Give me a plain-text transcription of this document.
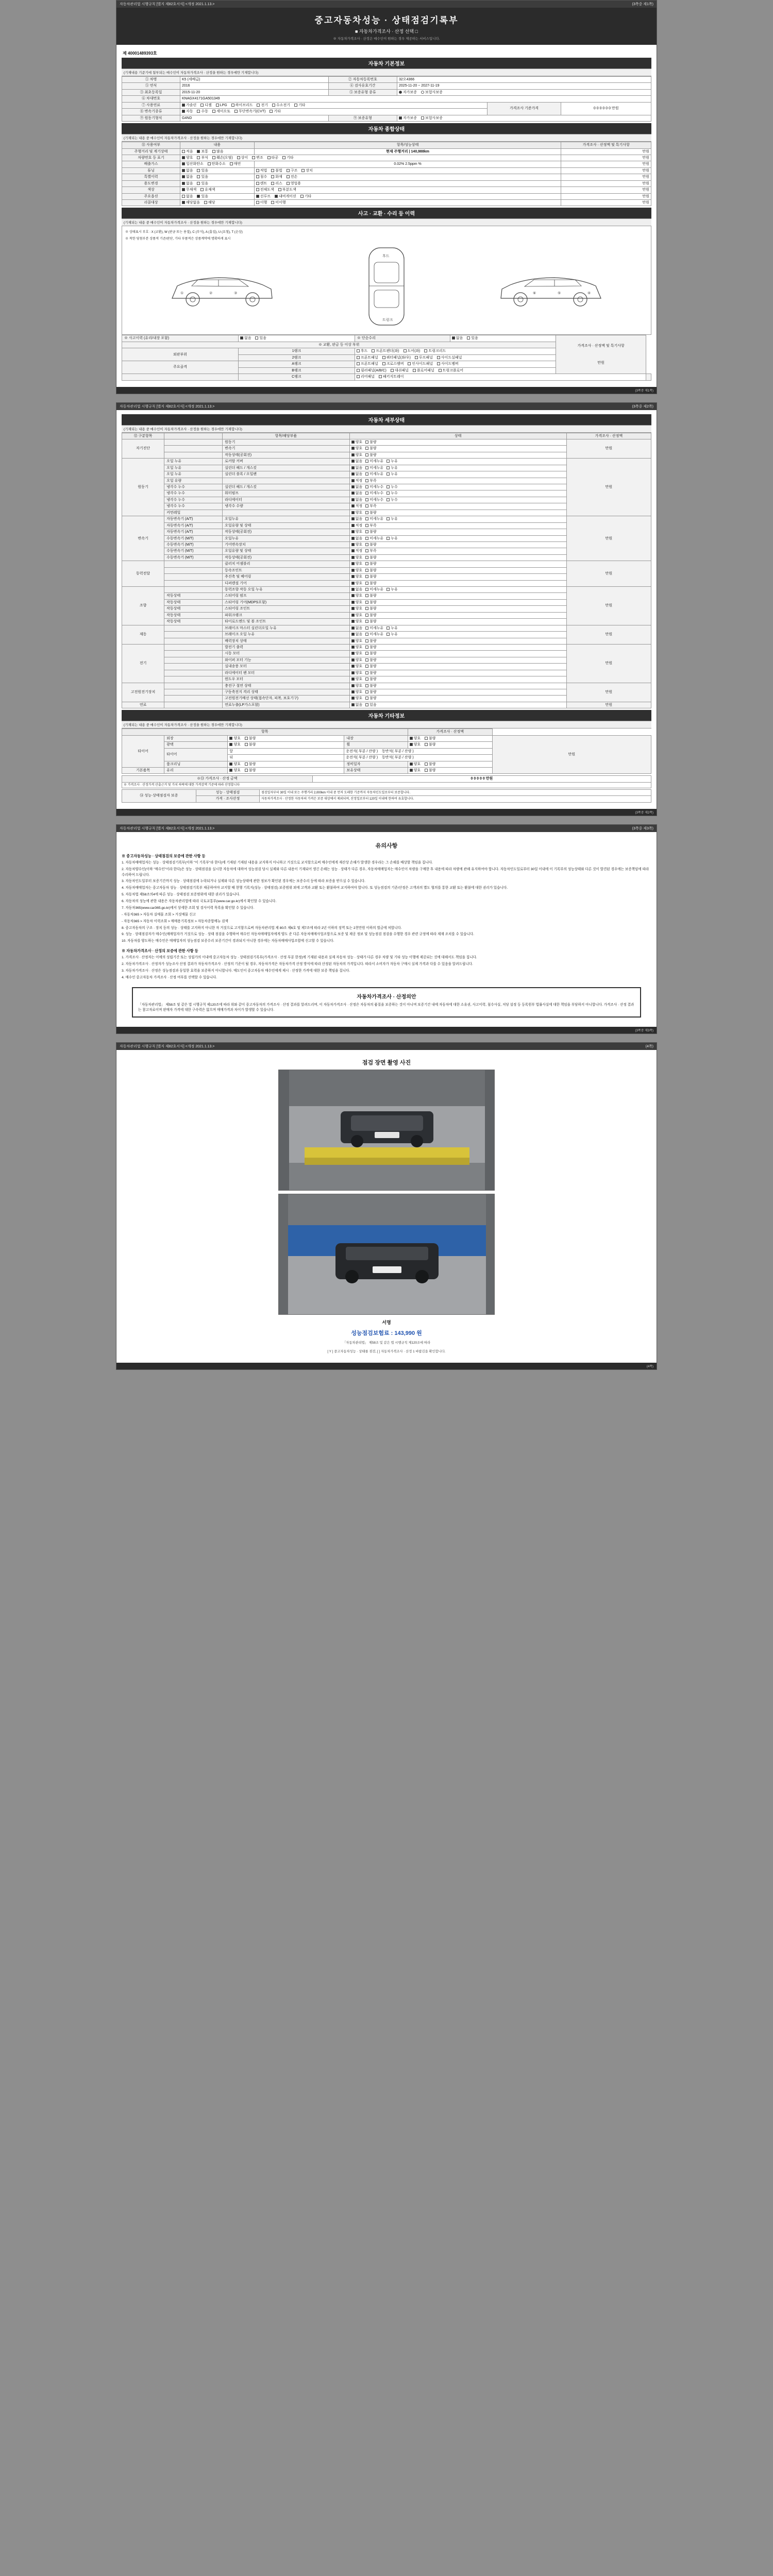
자동차관리법 시행규칙 [별지 제82호서식] <개정 2021.1.13.>	(3쪽중 제1쪽)
중고자동차성능 · 상태점검기록부
■ 자동차가격조사 · 산정 선택 □
※ 자동차가격조사 · 산정은 매수인이 원하는 경우 제공하는 서비스입니다.
제 40001489393호
자동차 기본정보
(기재내용 기준기에 첨부되는 매수인이 자동차가격조사 · 산정을 원하는 경우에만 기재합니다)
① 차명	K5 (세배급)	② 자동차등록번호	32오4366		
⑤ 연식	2016	④ 검사유효기간	2025-11-20 ~ 2027-11-19		
③ 최초등록일	2015-11-20	⑤ 보증유형 종류	자가보증 보험사보증		
⑥ 차대번호	KNAGX4171GA501349				
⑦ 사용연료	가솔린 디젤 LPG 하이브리드 전기 수소전기 기타			가격조사 기준가격	0 0 0 0 0 0 만원
⑧ 변속기종류	자동 수동 세미오토 무단변속기(CVT) 기타				
⑨ 원동기형식	G4ND	⑨ 보증유형	자가보증 보험사보증		
자동차 종합상태
(기재되는 내용 중 매수인이 자동차가격조사 · 산정을 원하는 경우에만 기재합니다)
⑪ 사용여부	내용	항목/성능상태	가격조사 · 산정액 및 특기사항
주행거리 및 계기상태	적음 보통 많음	현재 주행거리 | 140,988km	만원
차량번호 등 표기	양호 부식 훼손(오염) 상이 변조 타공 기타		만원
배출가스	일산화탄소 탄화수소 매연	0.02% 2.5ppm %	만원
튜닝	없음 있음	적법 불법 구조 장치	만원
특별이력	없음 있음	침수 화재 전손	만원
용도변경	없음 있음	렌트 리스 영업용	만원
색상	무채색 유채색	전체도색 부분도색	만원
주요옵션	없음 있음	선루프 내비게이션 기타	만원
리콜대상	해당없음 해당	이행 미이행	만원
사고 · 교환 · 수리 등 이력
(기재되는 내용 중 매수인이 자동차가격조사 · 산정을 원하는 경우에만 기재합니다)
※ 상태표시 부호 : X (교환), W (판금 또는 용접), C (부식), A (흠집), U (요철), T (손상)
※ 착한 당첨부분 상품적 기준/판단, 기타 부품적은 상품계약에 명확하게 표시
①	②	③
후드
트렁크
④
⑤
⑥
※ 사고이력 (유리/내장 포함)	없음 있음	※ 단순수리	없음 있음	가격조사 · 산정액 및 특기사항
만원	

※ 교환, 판금 등 이상 부위					
외판부위	1랭크	후드 프론트펜더(좌) 도어(좌) 트렁크리드			
	2랭크	프론트패널 쿼터패널(좌/우) 루프패널 사이드실패널			
주요골격	A랭크	프론트패널 크로스멤버 인사이드패널 사이드멤버			
	B랭크	필러패널(A/B/C) 대쉬패널 플로어패널 트렁크플로어			
	C랭크	리어패널 패키지트레이			
(3쪽중 제1쪽)
자동차관리법 시행규칙 [별지 제82호서식] <개정 2021.1.13.>	(3쪽중 제2쪽)
자동차 세부상태
(기재되는 내용 중 매수인이 자동차가격조사 · 산정을 원하는 경우에만 기재합니다)
⑫ 구분항목		항목/해당부품	상태	가격조사 · 산정액
자기진단		원동기	양호 불량	만원
		변속기	양호 불량	
		작동상태(공회전)	양호 불량	
원동기	오일 누유	로커암 커버	없음 미세누유 누유	만원
	오일 누유	실린더 헤드 / 개스킷	없음 미세누유 누유	
	오일 누유	실린더 블록 / 오일팬	없음 미세누유 누유	
	오일 유량		적정 부족	
	냉각수 누수	실린더 헤드 / 개스킷	없음 미세누수 누수	
	냉각수 누수	워터펌프	없음 미세누수 누수	
	냉각수 누수	라디에이터	없음 미세누수 누수	
	냉각수 누수	냉각수 수량	적정 부족	
	커먼레일		양호 불량	
변속기	자동변속기 (A/T)	오일누유	없음 미세누유 누유	만원
	자동변속기 (A/T)	오일유량 및 상태	적정 부족	
	자동변속기 (A/T)	작동상태(공회전)	양호 불량	
	수동변속기 (M/T)	오일누유	없음 미세누유 누유	
	수동변속기 (M/T)	기어변속장치	양호 불량	
	수동변속기 (M/T)	오일유량 및 상태	적정 부족	
	수동변속기 (M/T)	작동상태(공회전)	양호 불량	
동력전달		클러치 어셈블리	양호 불량	만원
		등속조인트	양호 불량	
		추진축 및 베어링	양호 불량	
		디퍼렌셜 기어	양호 불량	
조향		동력조향 작동 오일 누유	없음 미세누유 누유	만원
	작동상태	스티어링 펌프	양호 불량	
	작동상태	스티어링 기어(MDPS포함)	양호 불량	
	작동상태	스티어링 조인트	양호 불량	
	작동상태	파워크랭크	양호 불량	
	작동상태	타이로드엔드 및 볼 조인트	양호 불량	
제동		브레이크 마스터 실린더오일 누유	없음 미세누유 누유	만원
		브레이크 오일 누유	없음 미세누유 누유	
		배력장치 상태	양호 불량	
전기		발전기 출력	양호 불량	만원
		시동 모터	양호 불량	
		와이퍼 모터 기능	양호 불량	
		실내송풍 모터	양호 불량	
		라디에이터 팬 모터	양호 불량	
		윈도우 모터	양호 불량	
고전원전기장치		충전구 절연 상태	양호 불량	만원
		구동축전지 격리 상태	양호 불량	
		고전원전기배선 상태(접속단자, 피복, 보호기구)	양호 불량	
연료		연료누출(LP가스포함)	없음 있음	만원
자동차 기타정보
(기재되는 내용 중 매수인이 자동차가격조사 · 산정을 원하는 경우에만 기재합니다)
항목				가격조사 · 산정액	
타이어	외장	양호 불량	내장	양호 불량	만원
	광택	양호 불량	휠	양호 불량	
	타이어	앞	운전석( 부분 / 잔량 ) 동반석( 부분 / 잔량 )		
		뒤	운전석( 부분 / 잔량 ) 동반석( 부분 / 잔량 )		
	룸크리닝	양호 불량	정비일자	양호 불량	
기본품목	유리	양호 불량	보유상태	양호 불량	
※⑬ 가격조사 · 산정 금액	0 0 0 0 0 만원
※ 가격조사 · 산정가격 산출근거 및 가치 하락에 대한 가격감액 기준에 따라 산정합니다
⑭ 성능·상태점검자 보증	성능 · 상태점검	점검일자부터 30일 이내 또는 주행거리 2,000km 이내 중 먼저 도래한 기준까지 자동차인도일로부터 보증합니다.
	가격 · 조사산정	자동차가격조사 · 산정한 자동차의 가격은 보증 대상에서 제외되며, 산정일로부터 120일 이내에 한하여 유효합니다.
(3쪽중 제2쪽)
자동차관리법 시행규칙 [별지 제82호서식] <개정 2021.1.13.>	(3쪽중 제3쪽)
유의사항
※ 중고자동차성능 · 상태점검의 보증에 관한 사항 등

1. 자동차매매업자는 성능 · 상태점검기록부(이하 "이 기록부"라 한다)에 기재된 기재된 내용을 교지하지 아니하고 거짓으로 교지할으로써 매수인에게 재산상 손해가 발생한 경우라는 그 손해를 배상할 책임을 집니다.

2. 자동차양수인(이하 "매수인"이라 한다)은 성능 · 상태점검을 실시한 자동차에 대하여 성능점검 당시 실제와 다른 내용이 기재되어 생긴 손해는 성능 · 상태가 다른 경우, 자동차매매업자는 매수인이 차량을 구매한 후 내용에 따라 차량에 관해 유지하여야 합니다. 자동차인도일로부터 30일 이내에 이 기록부의 성능상태와 다른 것이 발견된 경우에는 보증책임에 따라 수리하여 드립니다.

3. 자동차인도일부터 보증기간까지 성능 · 상태점검에 누락되거나 실제와 다른 성능상태에 관한 정보가 확인된 경우에는 보증수리 등에 따라 보증을 받으실 수 있습니다.

4. 자동차매매업자는 중고자동차 성능 · 상태점검기록부 제공하여야 교지할 때 현행 기록지(성능 · 상태점검) 보증범위 외에 고객과 교환 또는 환불하여 교지하여야 합니다. 또 성능점검의 기준/산정은 고객과의 별도 협의를 통한 교환 또는 환불에 대한 권리가 있습니다.

5. 자동차법 제58조의4에 따른 성능 · 상태점검 보증범위에 대한 권리가 있습니다.

6. 자동차의 성능에 관한 내용은 자동차관리법에 따라 국토교통부(www.car.go.kr)에서 확인할 수 있습니다.

7. 자동차365(www.car365.go.kr)에서 상세한 조회 및 검사이력 목록을 확인할 수 있습니다.

- 자동차365 > 자동차 실매물 조회 > 거짓매물 신고

- 자동차365 > 자동차 이력조회 > 매매용기록정보 > 자동차종합메뉴 검색

8. 중고자동차의 구조 · 장치 등의 성능 · 상태를 고지하지 아니한 자 거짓으로 고지함으로써 자동차관리법 제 80조 제6호 및 제7조에 따라 2년 이하의 징역 또는 2천만원 이하의 벌금에 처합니다.

9. 성능 · 상태점검자가 매수인(매매업자가 거짓으로 성능 · 상태 점검을 수행하여 매수인 자동차매매업자에게 양도 준 다른 자동차매매사업조합으로 보증 및 제공 정보 및 성능점검 점검을 수행한 경우 관련 규정에 따라 제재 조치를 수 있습니다.

10. 자동차를 양도하는 매수인은 매매업자의 성능점검 보증수리 보증기간이 경과되지 아니한 경우에는 자동차매매사업조합에 신고할 수 있습니다.

※ 자동차가격조사 · 산정의 보증에 관한 사항 등

1. 가격조사 · 산정자는 이에의 성립기간 또는 성립가의 이내에 중고자동차 성능 · 상태점검기록부(가격조사 · 산정 부분 한정)에 기재된 내용과 실제 자동차 성능 · 상태가 다른 경우 차량 및 기타 성능 이행에 제공되는 것에 대해서도 책임을 집니다.

2. 자동차가격조사 · 산정자가 성능조사 산정 결과가 자동차가격조사 · 산정의 기준이 될 경우, 자동차가격은 자동차가격 산정 방식에 따라 산정된 자동차의 가격입니다. 따라서 소비자가 자동차 구매시 실제 가격과 다를 수 있음을 알려드립니다.

3. 자동차가격조사 · 산정은 성능점검과 동일한 효력을 보증하지 아니합니다. 매도인이 중고자동차 매수인에게 제시 · 산정한 가격에 대한 보증 책임을 집니다.

4. 매수인 중고자동차 가격조사 · 산정 여부를 선택할 수 있습니다.

자동차가격조사 · 산정의안
「자동차관리법」 제58조 및 같은 법 시행규칙 제120조에 따라 위와 같이 중고자동차의 가격조사 · 산정 결과를 알려드리며, 이 자동차가격조사 · 산정은 자동차의 품질을 보증하는 것이 아니며 보증기간 내에 자동차에 대한 소유권, 사고이력, 침수사실, 저당 설정 등 등록원부 법률사실에 대한 책임을 부담하지 아니합니다. 가격조사 · 산정 결과는 참고자료이며 판매자 가격에 대한 구속력은 없으며 매매가격과 차이가 발생할 수 있습니다.
(3쪽중 제3쪽)
자동차관리법 시행규칙 [별지 제82호서식] <개정 2021.1.13.>	(4쪽)
점검 장면 촬영 사진
서명
성능점검보험료 : 143,990 원
「자동차관리법」 제58조 및 같은 법 시행규칙 제120조에 따라
[ Y ] 중고자동차성능 · 상태를 점검, [ ] 자동차가격조사 · 산정 1 바랍김을 확인합니다.
(4쪽)
